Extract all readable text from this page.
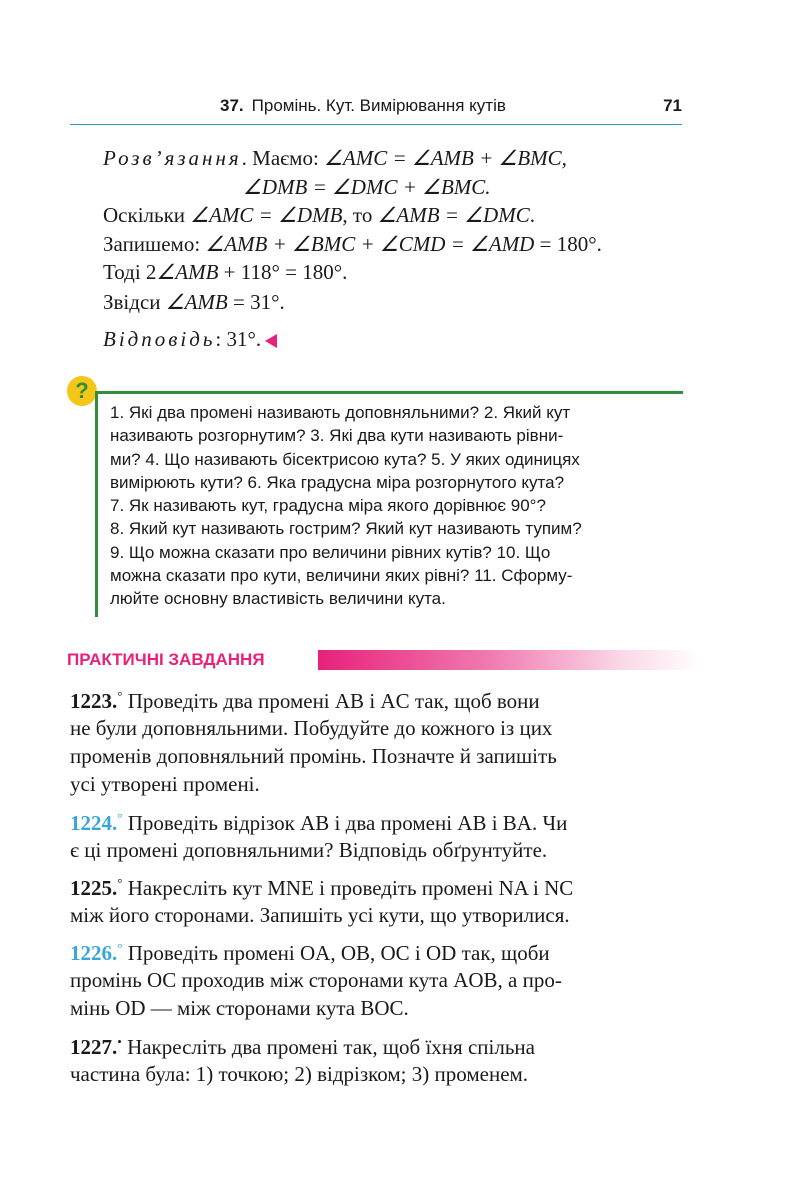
37. Промінь. Кут. Вимірювання кутів	71
Розв’язання. Маємо: ∠AMC = ∠AMB + ∠BMC,
∠DMB = ∠DMC + ∠BMC.
Оскільки ∠AMC = ∠DMB, то ∠AMB = ∠DMC.
Запишемо: ∠AMB + ∠BMC + ∠CMD = ∠AMD = 180°.
Тоді 2∠AMB + 118° = 180°.
Звідси ∠AMB = 31°.
Відповідь: 31°.
?
1. Які два промені називають доповняльними? 2. Який кут
називають розгорнутим? 3. Які два кути називають рівни-
ми? 4. Що називають бісектрисою кута? 5. У яких одиницях
вимірюють кути? 6. Яка градусна міра розгорнутого кута?
7. Як називають кут, градусна міра якого дорівнює 90°?
8. Який кут називають гострим? Який кут називають тупим?
9. Що можна сказати про величини рівних кутів? 10. Що
можна сказати про кути, величини яких рівні? 11. Сформу-
люйте основну властивість величини кута.
ПРАКТИЧНІ ЗАВДАННЯ
1223.° Проведіть два промені AB і AC так, щоб вони
не були доповняльними. Побудуйте до кожного із цих
променів доповняльний промінь. Позначте й запишіть
усі утворені промені.
1224.° Проведіть відрізок AB і два промені AB і BA. Чи
є ці промені доповняльними? Відповідь обґрунтуйте.
1225.° Накресліть кут MNE і проведіть промені NA і NC
між його сторонами. Запишіть усі кути, що утворилися.
1226.° Проведіть промені OA, OB, OC і OD так, щоби
промінь OC проходив між сторонами кута AOB, а про-
мінь OD — між сторонами кута BOC.
1227.• Накресліть два промені так, щоб їхня спільна
частина була: 1) точкою; 2) відрізком; 3) променем.
